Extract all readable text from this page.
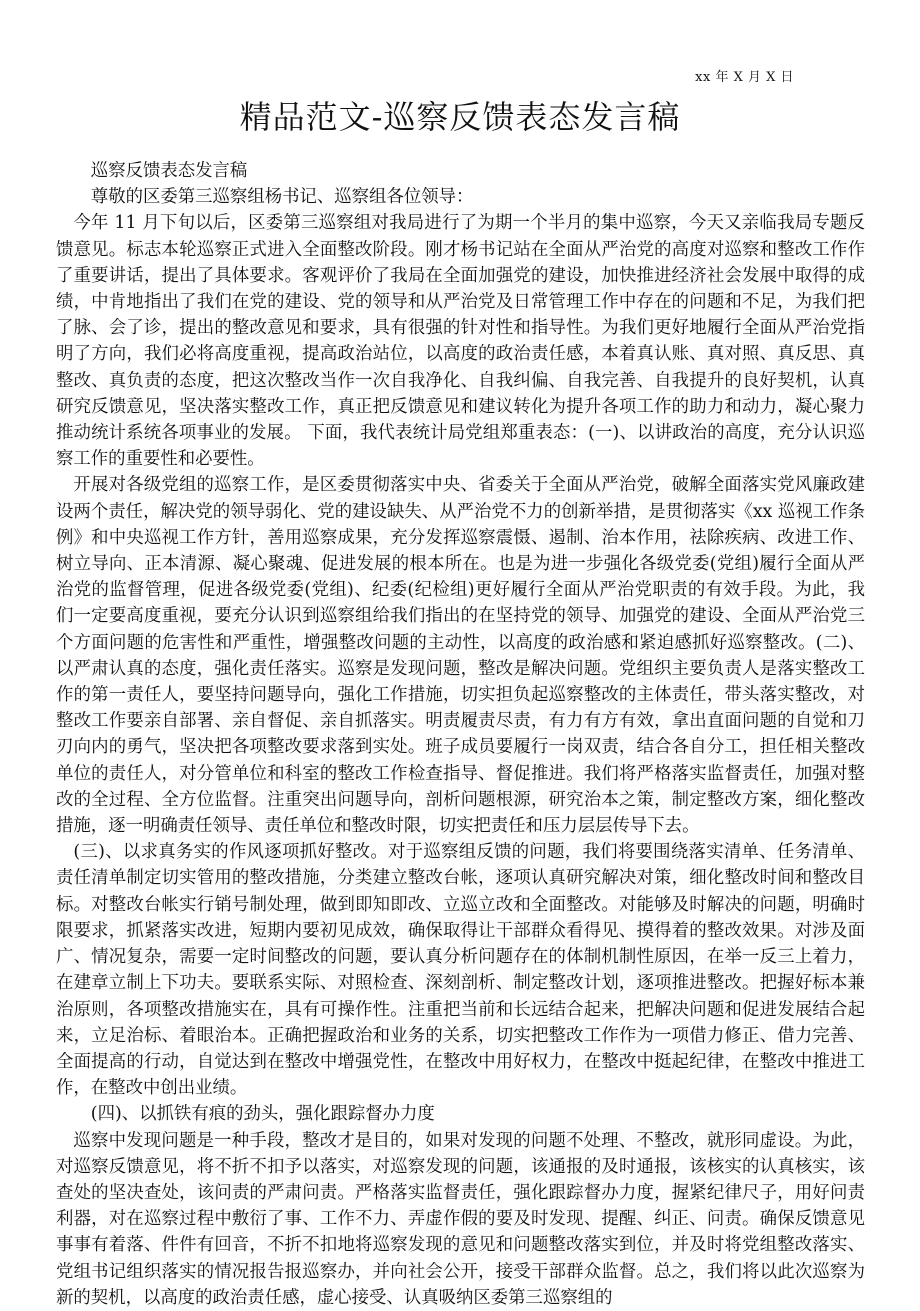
xx 年 X 月 X 日
精品范文-巡察反馈表态发言稿

巡察反馈表态发言稿

尊敬的区委第三巡察组杨书记、巡察组各位领导：

今年 11 月下旬以后，区委第三巡察组对我局进行了为期一个半月的集中巡察，今天又亲临我局专题反馈意见。标志本轮巡察正式进入全面整改阶段。刚才杨书记站在全面从严治党的高度对巡察和整改工作作了重要讲话，提出了具体要求。客观评价了我局在全面加强党的建设，加快推进经济社会发展中取得的成绩，中肯地指出了我们在党的建设、党的领导和从严治党及日常管理工作中存在的问题和不足，为我们把了脉、会了诊，提出的整改意见和要求，具有很强的针对性和指导性。为我们更好地履行全面从严治党指明了方向，我们必将高度重视，提高政治站位，以高度的政治责任感，本着真认账、真对照、真反思、真整改、真负责的态度，把这次整改当作一次自我净化、自我纠偏、自我完善、自我提升的良好契机，认真研究反馈意见，坚决落实整改工作，真正把反馈意见和建议转化为提升各项工作的助力和动力，凝心聚力推动统计系统各项事业的发展。 下面，我代表统计局党组郑重表态：(一)、以讲政治的高度，充分认识巡察工作的重要性和必要性。

开展对各级党组的巡察工作，是区委贯彻落实中央、省委关于全面从严治党，破解全面落实党风廉政建设两个责任，解决党的领导弱化、党的建设缺失、从严治党不力的创新举措，是贯彻落实《xx 巡视工作条例》和中央巡视工作方针，善用巡察成果，充分发挥巡察震慑、遏制、治本作用，祛除疾病、改进工作、树立导向、正本清源、凝心聚魂、促进发展的根本所在。也是为进一步强化各级党委(党组)履行全面从严治党的监督管理，促进各级党委(党组)、纪委(纪检组)更好履行全面从严治党职责的有效手段。为此，我们一定要高度重视，要充分认识到巡察组给我们指出的在坚持党的领导、加强党的建设、全面从严治党三个方面问题的危害性和严重性，增强整改问题的主动性，以高度的政治感和紧迫感抓好巡察整改。(二)、以严肃认真的态度，强化责任落实。巡察是发现问题，整改是解决问题。党组织主要负责人是落实整改工作的第一责任人，要坚持问题导向，强化工作措施，切实担负起巡察整改的主体责任，带头落实整改，对整改工作要亲自部署、亲自督促、亲自抓落实。明责履责尽责，有力有方有效，拿出直面问题的自觉和刀刃向内的勇气，坚决把各项整改要求落到实处。班子成员要履行一岗双责，结合各自分工，担任相关整改单位的责任人，对分管单位和科室的整改工作检查指导、督促推进。我们将严格落实监督责任，加强对整改的全过程、全方位监督。注重突出问题导向，剖析问题根源，研究治本之策，制定整改方案，细化整改措施，逐一明确责任领导、责任单位和整改时限，切实把责任和压力层层传导下去。

(三)、以求真务实的作风逐项抓好整改。对于巡察组反馈的问题，我们将要围绕落实清单、任务清单、责任清单制定切实管用的整改措施，分类建立整改台帐，逐项认真研究解决对策，细化整改时间和整改目标。对整改台帐实行销号制处理，做到即知即改、立巡立改和全面整改。对能够及时解决的问题，明确时限要求，抓紧落实改进，短期内要初见成效，确保取得让干部群众看得见、摸得着的整改效果。对涉及面广、情况复杂，需要一定时间整改的问题，要认真分析问题存在的体制机制性原因，在举一反三上着力，在建章立制上下功夫。要联系实际、对照检查、深刻剖析、制定整改计划，逐项推进整改。把握好标本兼治原则，各项整改措施实在，具有可操作性。注重把当前和长远结合起来，把解决问题和促进发展结合起来，立足治标、着眼治本。正确把握政治和业务的关系，切实把整改工作作为一项借力修正、借力完善、全面提高的行动，自觉达到在整改中增强党性，在整改中用好权力，在整改中挺起纪律，在整改中推进工作，在整改中创出业绩。

(四)、以抓铁有痕的劲头，强化跟踪督办力度

巡察中发现问题是一种手段，整改才是目的，如果对发现的问题不处理、不整改，就形同虚设。为此，对巡察反馈意见，将不折不扣予以落实，对巡察发现的问题，该通报的及时通报，该核实的认真核实，该查处的坚决查处，该问责的严肃问责。严格落实监督责任，强化跟踪督办力度，握紧纪律尺子，用好问责利器，对在巡察过程中敷衍了事、工作不力、弄虚作假的要及时发现、提醒、纠正、问责。确保反馈意见事事有着落、件件有回音，不折不扣地将巡察发现的意见和问题整改落实到位，并及时将党组整改落实、党组书记组织落实的情况报告报巡察办，并向社会公开，接受干部群众监督。总之，我们将以此次巡察为新的契机，以高度的政治责任感，虚心接受、认真吸纳区委第三巡察组的
